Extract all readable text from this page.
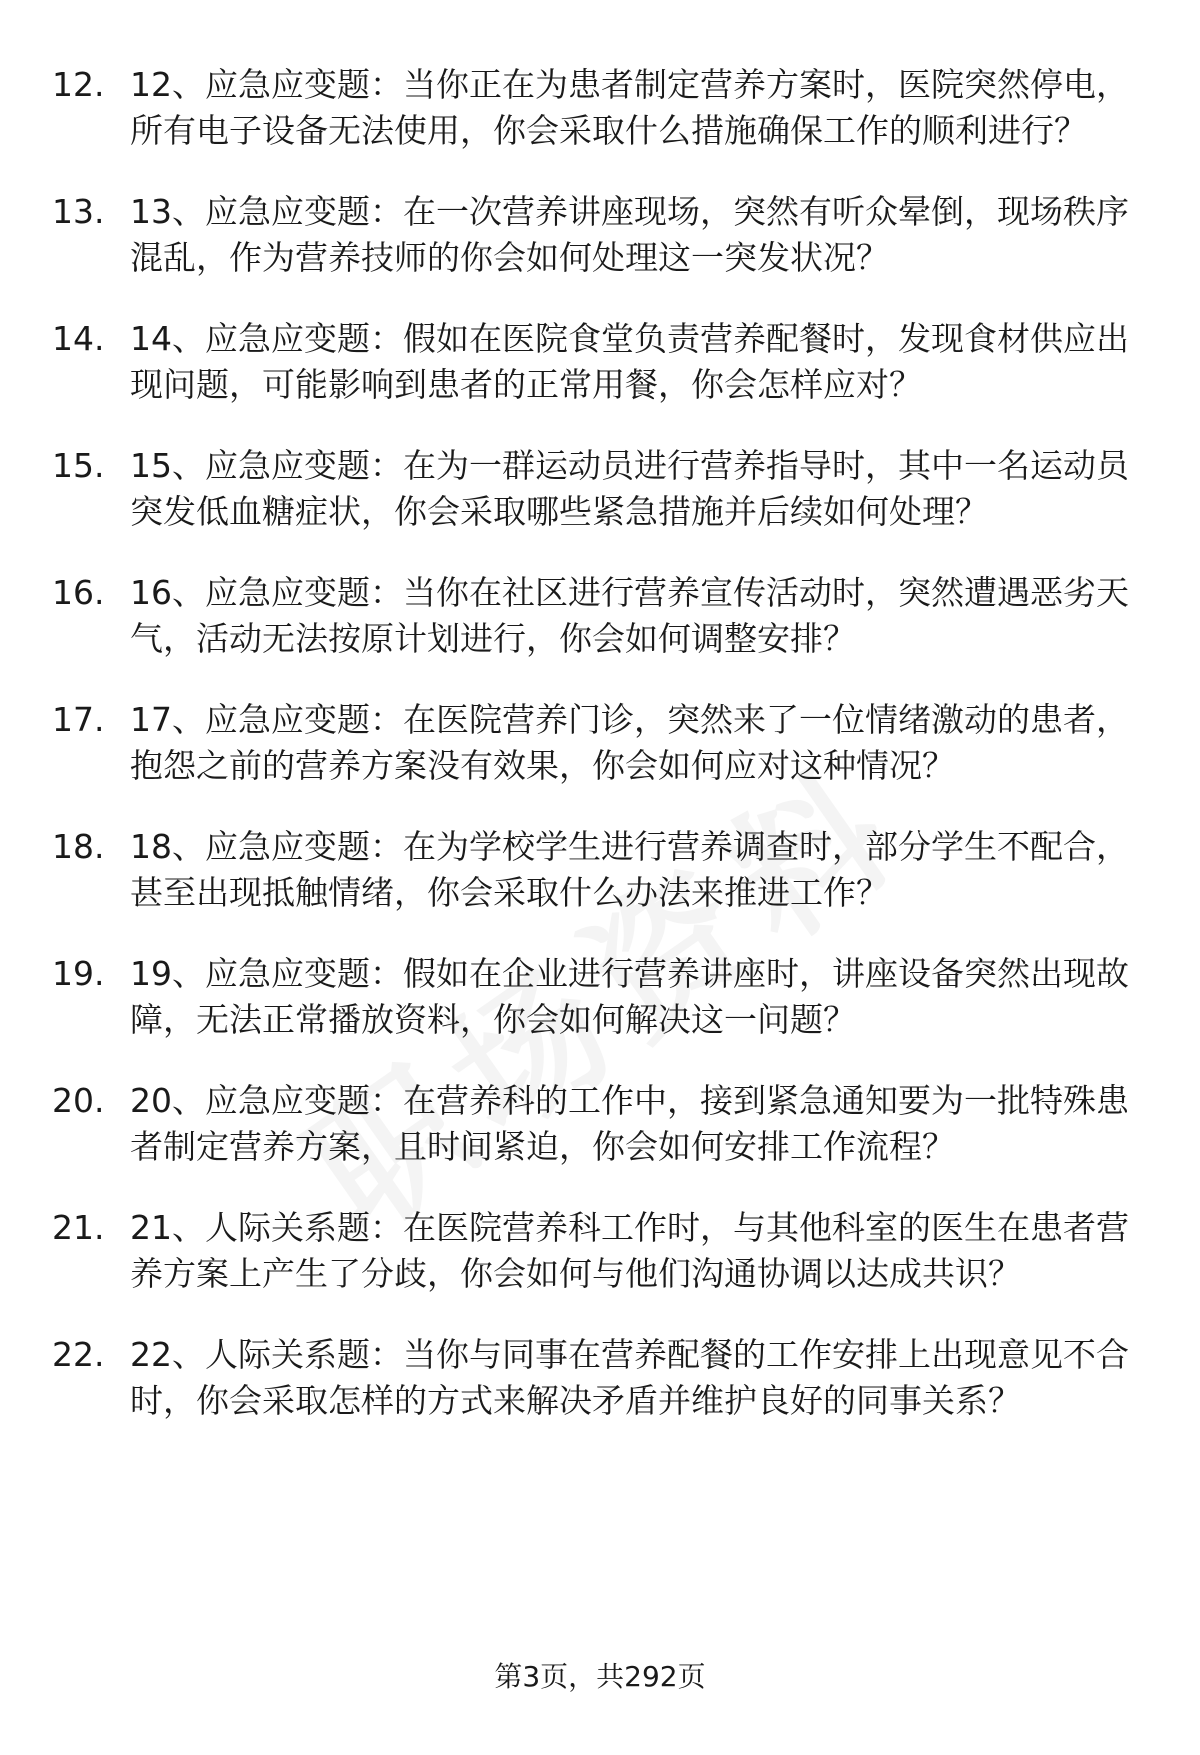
12. 12、应急应变题：当你正在为患者制定营养方案时，医院突然停电，所有电子设备无法使用，你会采取什么措施确保工作的顺利进行？
13. 13、应急应变题：在一次营养讲座现场，突然有听众晕倒，现场秩序混乱，作为营养技师的你会如何处理这一突发状况？
14. 14、应急应变题：假如在医院食堂负责营养配餐时，发现食材供应出现问题，可能影响到患者的正常用餐，你会怎样应对？
15. 15、应急应变题：在为一群运动员进行营养指导时，其中一名运动员突发低血糖症状，你会采取哪些紧急措施并后续如何处理？
16. 16、应急应变题：当你在社区进行营养宣传活动时，突然遭遇恶劣天气，活动无法按原计划进行，你会如何调整安排？
17. 17、应急应变题：在医院营养门诊，突然来了一位情绪激动的患者，抱怨之前的营养方案没有效果，你会如何应对这种情况？
18. 18、应急应变题：在为学校学生进行营养调查时，部分学生不配合，甚至出现抵触情绪，你会采取什么办法来推进工作？
19. 19、应急应变题：假如在企业进行营养讲座时，讲座设备突然出现故障，无法正常播放资料，你会如何解决这一问题？
20. 20、应急应变题：在营养科的工作中，接到紧急通知要为一批特殊患者制定营养方案，且时间紧迫，你会如何安排工作流程？
21. 21、人际关系题：在医院营养科工作时，与其他科室的医生在患者营养方案上产生了分歧，你会如何与他们沟通协调以达成共识？
22. 22、人际关系题：当你与同事在营养配餐的工作安排上出现意见不合时，你会采取怎样的方式来解决矛盾并维护良好的同事关系？
第3页，共292页
